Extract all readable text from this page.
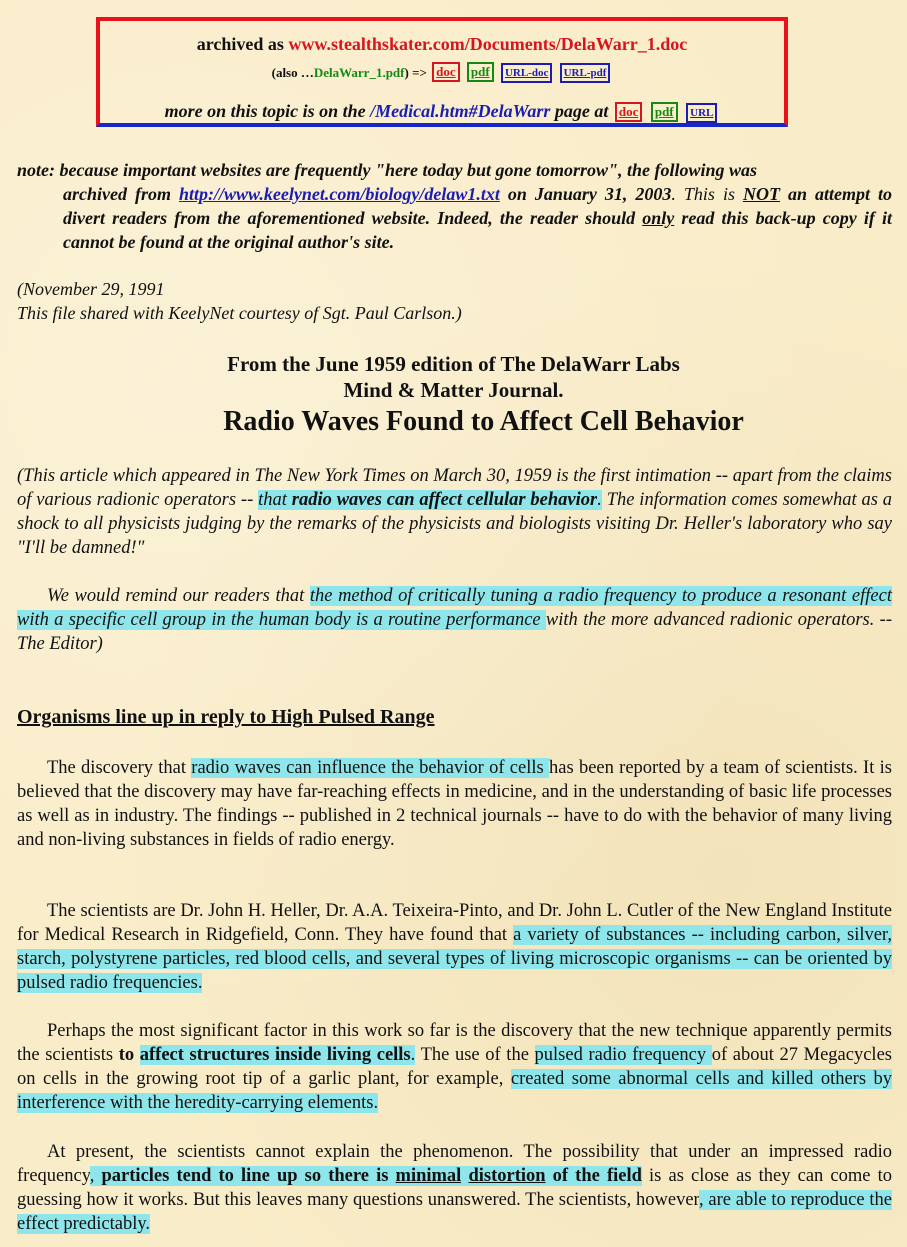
archived as www.stealthskater.com/Documents/DelaWarr_1.doc
(also …DelaWarr_1.pdf) => doc pdf URL-doc URL-pdf
more on this topic is on the /Medical.htm#DelaWarr page at doc pdf URL
note: because important websites are frequently "here today but gone tomorrow", the following was
archived from http://www.keelynet.com/biology/delaw1.txt on January 31, 2003. This is NOT an attempt to divert readers from the aforementioned website. Indeed, the reader should only read this back-up copy if it cannot be found at the original author's site.
(November 29, 1991
This file shared with KeelyNet courtesy of Sgt. Paul Carlson.)
From the June 1959 edition of The DelaWarr Labs
Mind & Matter Journal.
Radio Waves Found to Affect Cell Behavior
(This article which appeared in The New York Times on March 30, 1959 is the first intimation -- apart from the claims of various radionic operators -- that radio waves can affect cellular behavior. The information comes somewhat as a shock to all physicists judging by the remarks of the physicists and biologists visiting Dr. Heller's laboratory who say "I'll be damned!"
We would remind our readers that the method of critically tuning a radio frequency to produce a resonant effect with a specific cell group in the human body is a routine performance with the more advanced radionic operators. -- The Editor)
Organisms line up in reply to High Pulsed Range
The discovery that radio waves can influence the behavior of cells has been reported by a team of scientists. It is believed that the discovery may have far-reaching effects in medicine, and in the understanding of basic life processes as well as in industry. The findings -- published in 2 technical journals -- have to do with the behavior of many living and non-living substances in fields of radio energy.
The scientists are Dr. John H. Heller, Dr. A.A. Teixeira-Pinto, and Dr. John L. Cutler of the New England Institute for Medical Research in Ridgefield, Conn. They have found that a variety of substances -- including carbon, silver, starch, polystyrene particles, red blood cells, and several types of living microscopic organisms -- can be oriented by pulsed radio frequencies.
Perhaps the most significant factor in this work so far is the discovery that the new technique apparently permits the scientists to affect structures inside living cells. The use of the pulsed radio frequency of about 27 Megacycles on cells in the growing root tip of a garlic plant, for example, created some abnormal cells and killed others by interference with the heredity-carrying elements.
At present, the scientists cannot explain the phenomenon. The possibility that under an impressed radio frequency, particles tend to line up so there is minimal distortion of the field is as close as they can come to guessing how it works. But this leaves many questions unanswered. The scientists, however, are able to reproduce the effect predictably.
